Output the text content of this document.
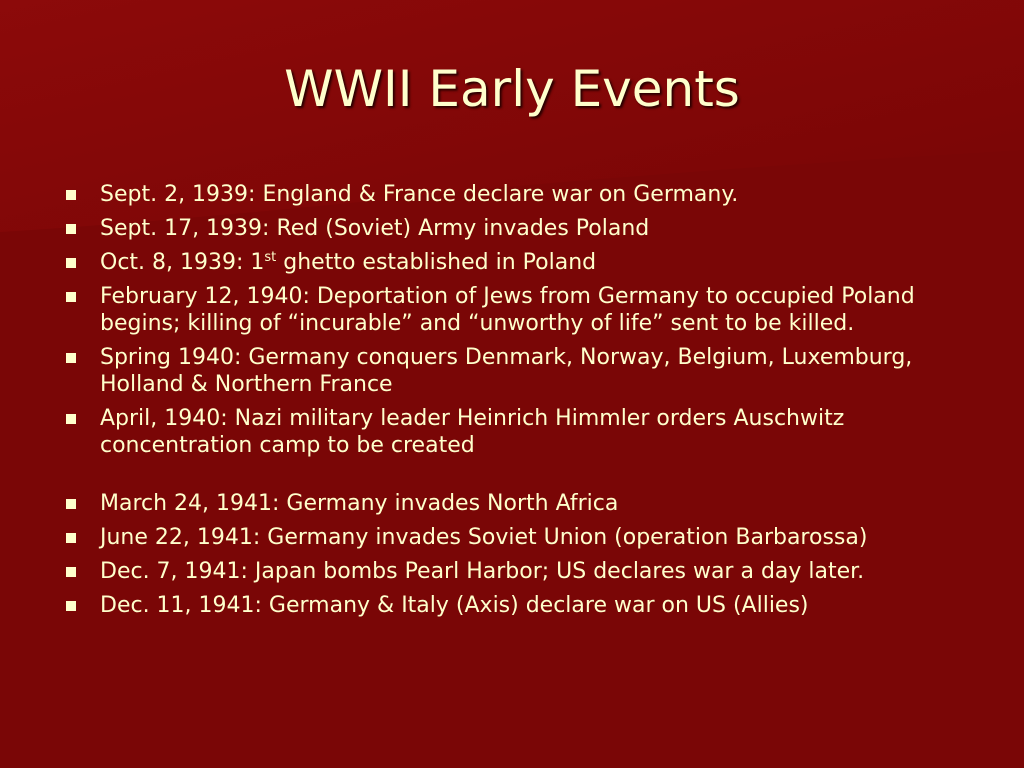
WWII Early Events
Sept. 2, 1939: England & France declare war on Germany.
Sept. 17, 1939: Red (Soviet) Army invades Poland
Oct. 8, 1939: 1st ghetto established in Poland
February 12, 1940: Deportation of Jews from Germany to occupied Poland begins; killing of “incurable” and “unworthy of life” sent to be killed.
Spring 1940: Germany conquers Denmark, Norway, Belgium, Luxemburg, Holland & Northern France
April, 1940: Nazi military leader Heinrich Himmler orders Auschwitz concentration camp to be created
March 24, 1941: Germany invades North Africa
June 22, 1941: Germany invades Soviet Union (operation Barbarossa)
Dec. 7, 1941: Japan bombs Pearl Harbor; US declares war a day later.
Dec. 11, 1941: Germany & Italy (Axis) declare war on US (Allies)
